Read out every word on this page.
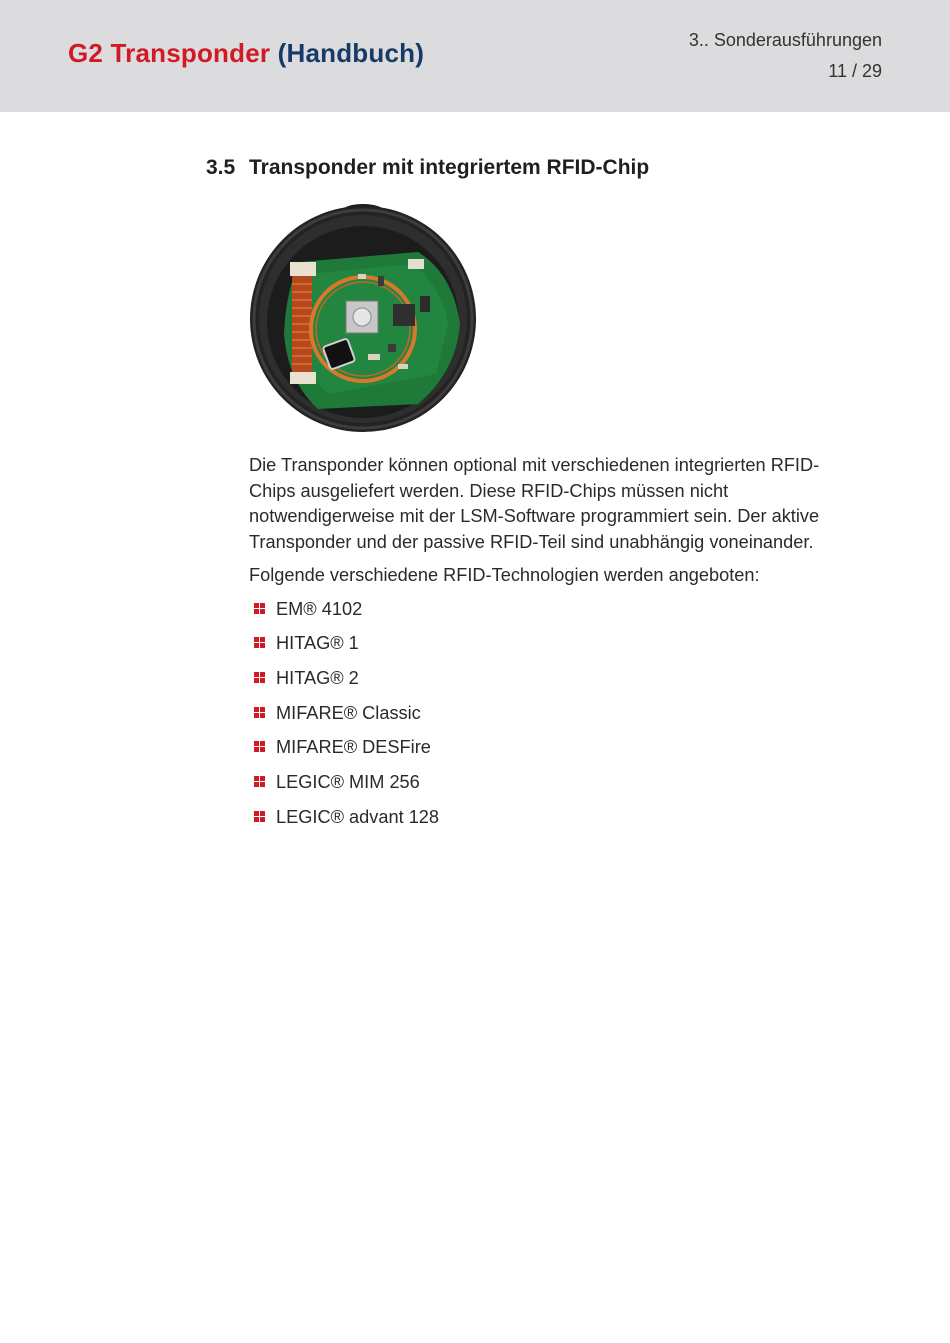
G2 Transponder (Handbuch)	3.. Sonderausführungen
11 / 29
3.5 Transponder mit integriertem RFID-Chip

Die Transponder können optional mit verschiedenen integrierten RFID-Chips ausgeliefert werden. Diese RFID-Chips müssen nicht notwendigerweise mit der LSM-Software programmiert sein. Der aktive Transponder und der passive RFID-Teil sind unabhängig voneinander.

Folgende verschiedene RFID-Technologien werden angeboten:

EM® 4102
HITAG® 1
HITAG® 2
MIFARE® Classic
MIFARE® DESFire
LEGIC® MIM 256
LEGIC® advant 128
